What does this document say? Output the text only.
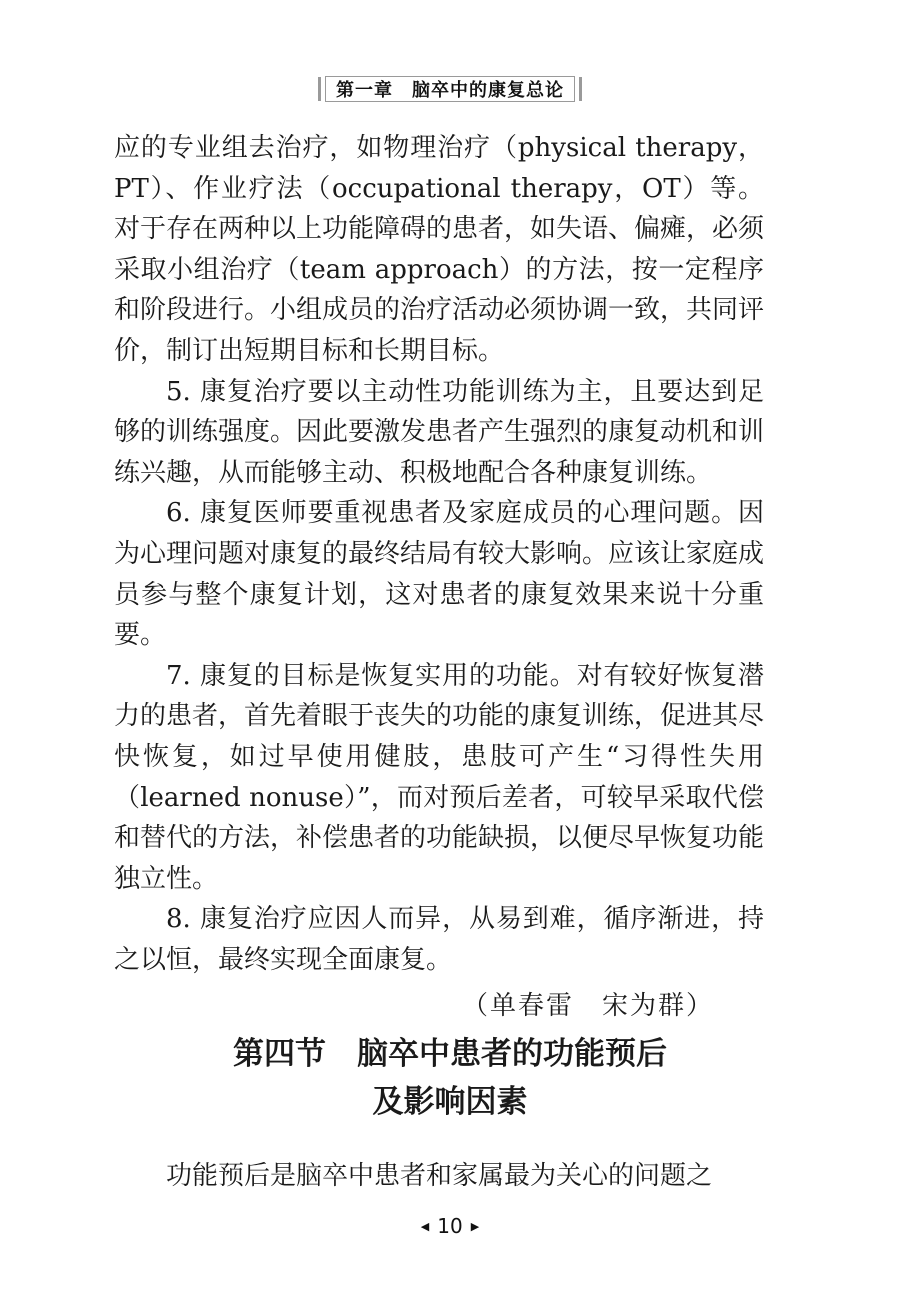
第一章　脑卒中的康复总论

应的专业组去治疗，如物理治疗（physical therapy，PT）、作业疗法（occupational therapy，OT）等。对于存在两种以上功能障碍的患者，如失语、偏瘫，必须采取小组治疗（team approach）的方法，按一定程序和阶段进行。小组成员的治疗活动必须协调一致，共同评价，制订出短期目标和长期目标。

5. 康复治疗要以主动性功能训练为主，且要达到足够的训练强度。因此要激发患者产生强烈的康复动机和训练兴趣，从而能够主动、积极地配合各种康复训练。

6. 康复医师要重视患者及家庭成员的心理问题。因为心理问题对康复的最终结局有较大影响。应该让家庭成员参与整个康复计划，这对患者的康复效果来说十分重要。

7. 康复的目标是恢复实用的功能。对有较好恢复潜力的患者，首先着眼于丧失的功能的康复训练，促进其尽快恢复，如过早使用健肢，患肢可产生“习得性失用（learned nonuse）”，而对预后差者，可较早采取代偿和替代的方法，补偿患者的功能缺损，以便尽早恢复功能独立性。

8. 康复治疗应因人而异，从易到难，循序渐进，持之以恒，最终实现全面康复。

（单春雷　宋为群）

第四节　脑卒中患者的功能预后
及影响因素

功能预后是脑卒中患者和家属最为关心的问题之

◀ 10 ▶
